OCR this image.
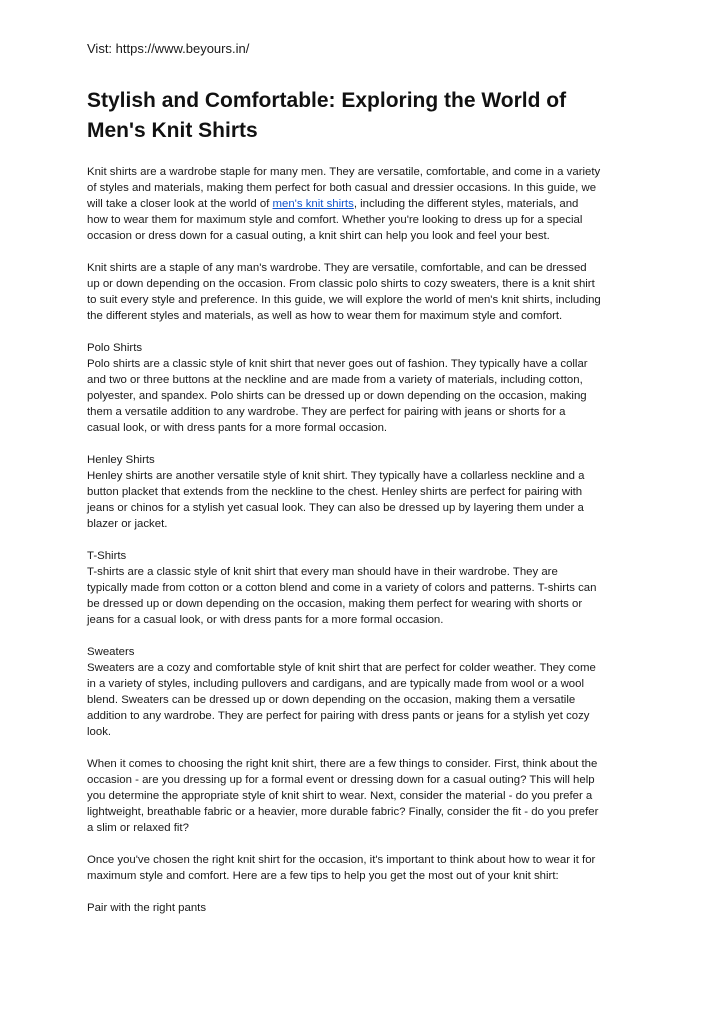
Vist: https://www.beyours.in/
Stylish and Comfortable: Exploring the World of
Men's Knit Shirts
Knit shirts are a wardrobe staple for many men. They are versatile, comfortable, and come in a variety
of styles and materials, making them perfect for both casual and dressier occasions. In this guide, we
will take a closer look at the world of men's knit shirts, including the different styles, materials, and
how to wear them for maximum style and comfort. Whether you're looking to dress up for a special
occasion or dress down for a casual outing, a knit shirt can help you look and feel your best.
Knit shirts are a staple of any man's wardrobe. They are versatile, comfortable, and can be dressed
up or down depending on the occasion. From classic polo shirts to cozy sweaters, there is a knit shirt
to suit every style and preference. In this guide, we will explore the world of men's knit shirts, including
the different styles and materials, as well as how to wear them for maximum style and comfort.
Polo Shirts
Polo shirts are a classic style of knit shirt that never goes out of fashion. They typically have a collar
and two or three buttons at the neckline and are made from a variety of materials, including cotton,
polyester, and spandex. Polo shirts can be dressed up or down depending on the occasion, making
them a versatile addition to any wardrobe. They are perfect for pairing with jeans or shorts for a
casual look, or with dress pants for a more formal occasion.
Henley Shirts
Henley shirts are another versatile style of knit shirt. They typically have a collarless neckline and a
button placket that extends from the neckline to the chest. Henley shirts are perfect for pairing with
jeans or chinos for a stylish yet casual look. They can also be dressed up by layering them under a
blazer or jacket.
T-Shirts
T-shirts are a classic style of knit shirt that every man should have in their wardrobe. They are
typically made from cotton or a cotton blend and come in a variety of colors and patterns. T-shirts can
be dressed up or down depending on the occasion, making them perfect for wearing with shorts or
jeans for a casual look, or with dress pants for a more formal occasion.
Sweaters
Sweaters are a cozy and comfortable style of knit shirt that are perfect for colder weather. They come
in a variety of styles, including pullovers and cardigans, and are typically made from wool or a wool
blend. Sweaters can be dressed up or down depending on the occasion, making them a versatile
addition to any wardrobe. They are perfect for pairing with dress pants or jeans for a stylish yet cozy
look.
When it comes to choosing the right knit shirt, there are a few things to consider. First, think about the
occasion - are you dressing up for a formal event or dressing down for a casual outing? This will help
you determine the appropriate style of knit shirt to wear. Next, consider the material - do you prefer a
lightweight, breathable fabric or a heavier, more durable fabric? Finally, consider the fit - do you prefer
a slim or relaxed fit?
Once you've chosen the right knit shirt for the occasion, it's important to think about how to wear it for
maximum style and comfort. Here are a few tips to help you get the most out of your knit shirt:
Pair with the right pants
